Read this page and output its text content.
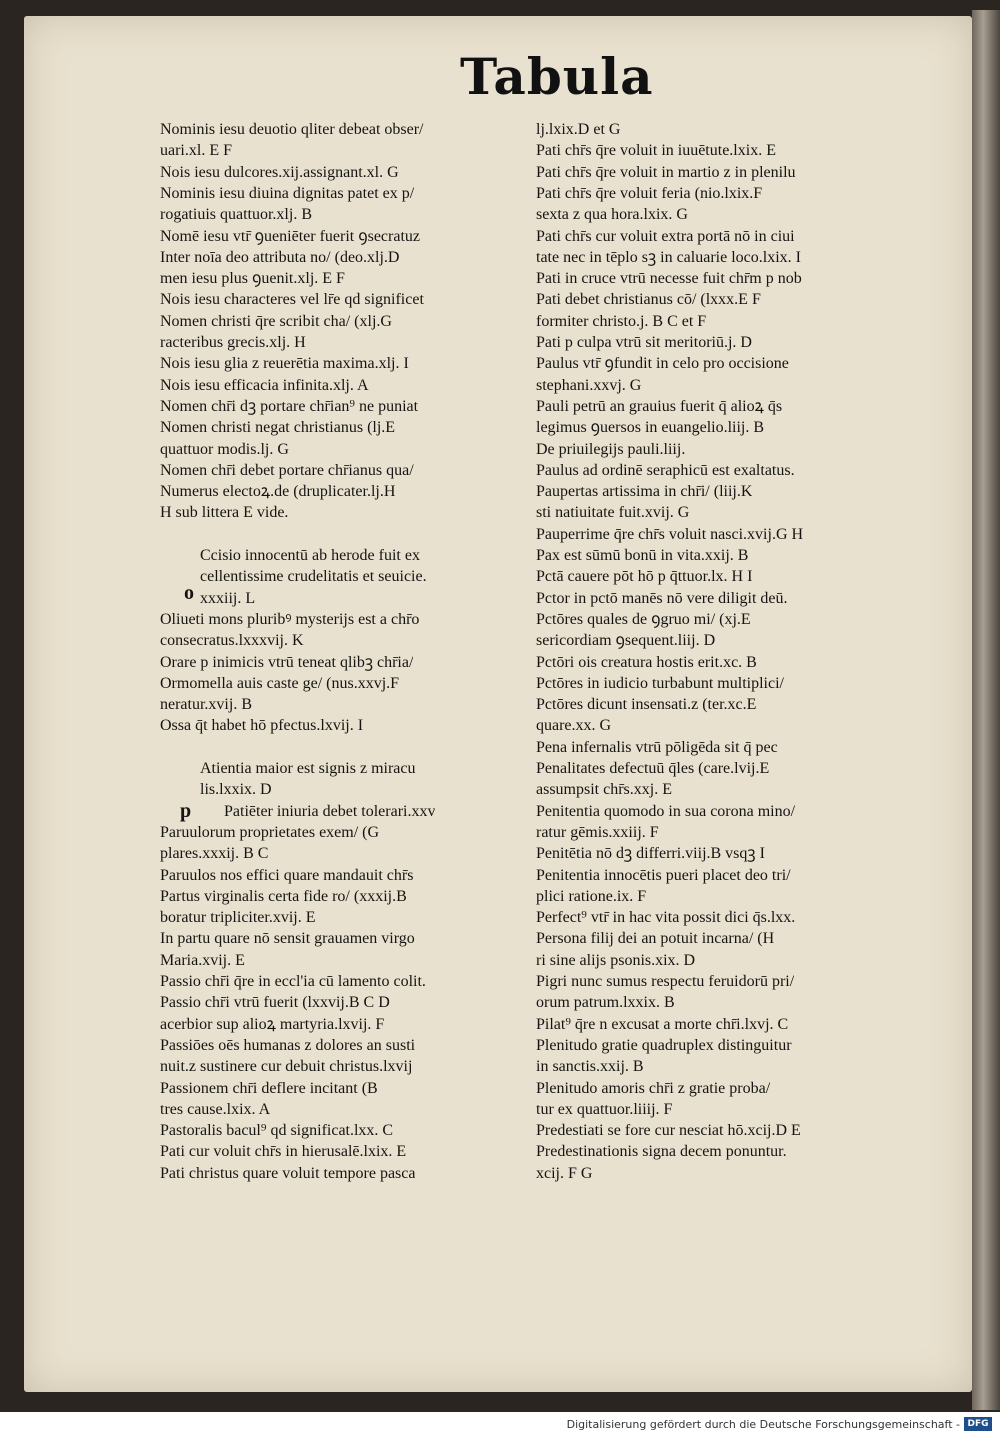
Tabula
Nominis iesu deuotio qliter debeat obser/
uari.xl. E F
Nois iesu dulcores.xij.assignant.xl. G
Nominis iesu diuina dignitas patet ex p/
rogatiuis quattuor.xlj. B
Nomē iesu vtr̄ ꝯueniēter fuerit ꝯsecratuz
Inter noīa deo attributa no/ (deo.xlj.D
men iesu plus ꝯuenit.xlj. E F
Nois iesu characteres vel lr̄e qd significet
Nomen christi q̄re scribit cha/ (xlj.G
racteribus grecis.xlj. H
Nois iesu glia z reuerētia maxima.xlj. I
Nois iesu efficacia infinita.xlj. A
Nomen chr̄i dꝫ portare chr̄ian⁹ ne puniat
Nomen christi negat christianus (lj.E
quattuor modis.lj. G
Nomen chr̄i debet portare chr̄ianus qua/
Numerus electoꝝ.de (druplicater.lj.H
H sub littera E vide.
Ccisio innocentū ab herode fuit ex
cellentissime crudelitatis et seuicie.
xxxiij. L
Oliueti mons pluribꝰ mysterijs est a chr̄o
consecratus.lxxxvij. K
Orare p inimicis vtrū teneat qlibꝫ chr̄ia/
Ormomella auis caste ge/ (nus.xxvj.F
neratur.xvij. B
Ossa q̄t habet hō pfectus.lxvij. I
Atientia maior est signis z miracu
lis.lxxix. D
Patiēter iniuria debet tolerari.xxv
Paruulorum proprietates exem/ (G
plares.xxxij. B C
Paruulos nos effici quare mandauit chr̄s
Partus virginalis certa fide ro/ (xxxij.B
boratur tripliciter.xvij. E
In partu quare nō sensit grauamen virgo
Maria.xvij. E
Passio chr̄i q̄re in eccl'ia cū lamento colit.
Passio chr̄i vtrū fuerit (lxxvij.B C D
acerbior sup alioꝝ martyria.lxvij. F
Passiōes oēs humanas z dolores an susti
nuit.z sustinere cur debuit christus.lxvij
Passionem chr̄i deflere incitant (B
tres cause.lxix. A
Pastoralis bacul⁹ qd significat.lxx. C
Pati cur voluit chr̄s in hierusalē.lxix. E
Pati christus quare voluit tempore pasca
lj.lxix.D et G
Pati chr̄s q̄re voluit in iuuētute.lxix. E
Pati chr̄s q̄re voluit in martio z in plenilu
Pati chr̄s q̄re voluit feria (nio.lxix.F
sexta z qua hora.lxix. G
Pati chr̄s cur voluit extra portā nō in ciui
tate nec in tēplo sꝫ in caluarie loco.lxix. I
Pati in cruce vtrū necesse fuit chr̄m p nob
Pati debet christianus cō/ (lxxx.E F
formiter christo.j. B C et F
Pati p culpa vtrū sit meritoriū.j. D
Paulus vtr̄ ꝯfundit in celo pro occisione
stephani.xxvj. G
Pauli petrū an grauius fuerit q̄ alioꝝ q̄s
legimus ꝯuersos in euangelio.liij. B
De priuilegijs pauli.liij.
Paulus ad ordinē seraphicū est exaltatus.
Paupertas artissima in chr̄i/ (liij.K
sti natiuitate fuit.xvij. G
Pauperrime q̄re chr̄s voluit nasci.xvij.G H
Pax est sūmū bonū in vita.xxij. B
Pctā cauere pōt hō p q̄ttuor.lx. H I
Pctor in pctō manēs nō vere diligit deū.
Pctōres quales de ꝯgruo mi/ (xj.E
sericordiam ꝯsequent.liij. D
Pctōri ois creatura hostis erit.xc. B
Pctōres in iudicio turbabunt multiplici/
Pctōres dicunt insensati.z (ter.xc.E
quare.xx. G
Pena infernalis vtrū pōligēda sit q̄ pec
Penalitates defectuū q̄les (care.lvij.E
assumpsit chr̄s.xxj. E
Penitentia quomodo in sua corona mino/
ratur gēmis.xxiij. F
Penitētia nō dꝫ differri.viij.B vsqꝫ I
Penitentia innocētis pueri placet deo tri/
plici ratione.ix. F
Perfect⁹ vtr̄ in hac vita possit dici q̄s.lxx.
Persona filij dei an potuit incarna/ (H
ri sine alijs psonis.xix. D
Pigri nunc sumus respectu feruidorū pri/
orum patrum.lxxix. B
Pilat⁹ q̄re n excusat a morte chr̄i.lxvj. C
Plenitudo gratie quadruplex distinguitur
in sanctis.xxij. B
Plenitudo amoris chr̄i z gratie proba/
tur ex quattuor.liiij. F
Predestiati se fore cur nesciat hō.xcij.D E
Predestinationis signa decem ponuntur.
xcij. F G
o
p
Digitalisierung gefördert durch die Deutsche Forschungsgemeinschaft - DFG
